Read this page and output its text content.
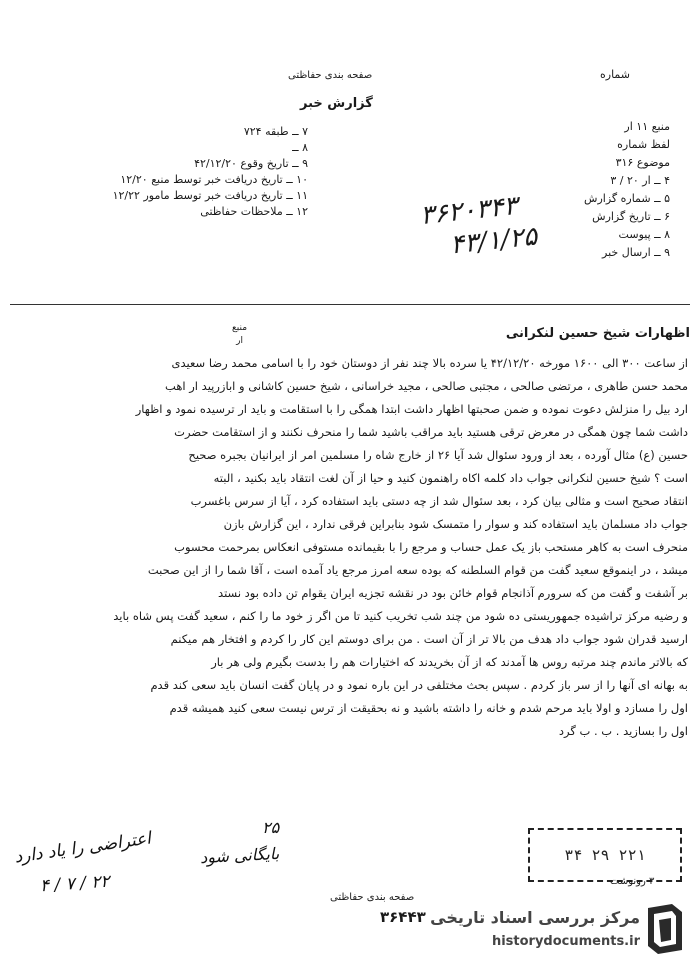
شماره
صفحه بندی حفاظتی
گزارش خبر
۷ ــ طبقه ۷۲۴
۸ ــ
۹ ــ تاریخ وقوع ۴۲/۱۲/۲۰
۱۰ ــ تاریخ دریافت خبر توسط منبع ۱۲/۲۰
۱۱ ــ تاریخ دریافت خبر توسط مامور ۱۲/۲۲
۱۲ ــ ملاحظات حفاظتی
منبع ۱۱ ار
لفظ شماره
موضوع ۳۱۶
۴ ــ ار ۲۰ / ۳
۵ ــ شماره گزارش
۶ ــ تاریخ گزارش
۸ ــ پیوست
۹ ــ ارسال خبر
۳۶۲۰۳۴۳
۴۳/۱/۲۵
منبع
ار	اظهارات شیخ حسین لنکرانی
از ساعت ۳۰۰ الی ۱۶۰۰ مورخه ۴۲/۱۲/۲۰ یا سرده بالا چند نفر از دوستان خود را با اسامی محمد رضا سعیدی
محمد حسن طاهری ، مرتضی صالحی ، مجتبی صالحی ، مجید خراسانی ، شیخ حسین کاشانی و ابازرپید ار اهب
ارد بیل را منزلش دعوت نموده و ضمن صحبتها اظهار داشت ابتدا همگی را با استقامت و باید ار ترسیده نمود و اظهار
داشت شما چون همگی در معرض ترقی هستید باید مراقب باشید شما را منحرف نکنند و از استقامت حضرت
حسین (ع) مثال آورده ، بعد از ورود سئوال شد آیا ۲۶ از خارج شاه را مسلمین امر از ایرانیان بجبره صحیح
است ؟ شیخ حسین لنکرانی جواب داد کلمه اکاه راهنمون کنید و حیا از آن لغت انتقاد باید بکنید ، البته
انتقاد صحیح است و مثالی بیان کرد ، بعد سئوال شد از چه دستی باید استفاده کرد ، آیا از سرس باغسرب
جواب داد مسلمان باید استفاده کند و سوار را متمسک شود بنابراین فرقی ندارد ، این گزارش بازن
منحرف است به کاهر مستحب باز یک عمل حساب و مرجع را با بقیمانده مستوفی انعکاس بمرحمت محسوب
میشد ، در اینموقع سعید گفت من قوام السلطنه که بوده سعه امرز مرجع یاد آمده است ، آقا شما را از این صحبت
بر آشفت و گفت من که سرورم آذانجام قوام خائن بود در نقشه تجزیه ایران یقوام تن داده بود نستد
و رضیه مرکز تراشیده جمهوریستی ده شود من چند شب تخریب کنید تا من اگر ز خود ما را کنم ، سعید گفت پس شاه باید
ارسید قدران شود جواب داد هدف من بالا تر از آن است . من برای دوستم این کار را کردم و افتخار هم میکنم
که بالاتر ماندم چند مرتبه روس ها آمدند که از آن بخریدند که اختیارات هم را بدست بگیرم ولی هر بار
به بهانه ای آنها را از سر باز کردم . سپس بحث مختلفی در این باره نمود و در پایان گفت انسان باید سعی کند قدم
اول را مسازد و اولا باید مرحم شدم و خانه را داشته باشید و نه بحقیقت از ترس نیست سعی کنید همیشه قدم
اول را بسازید . ب . ب گرد
اعتراضی را یاد دارد
۴ / ۷ / ۲۲
بایگانی شود
۲۵
۳۴ ۲۹ ۲۲۱
صفحه بندی حفاظتی
۳۶۴۴۳
۳۰ رونوشت
مرکز بررسی اسناد تاریخی
historydocuments.ir
